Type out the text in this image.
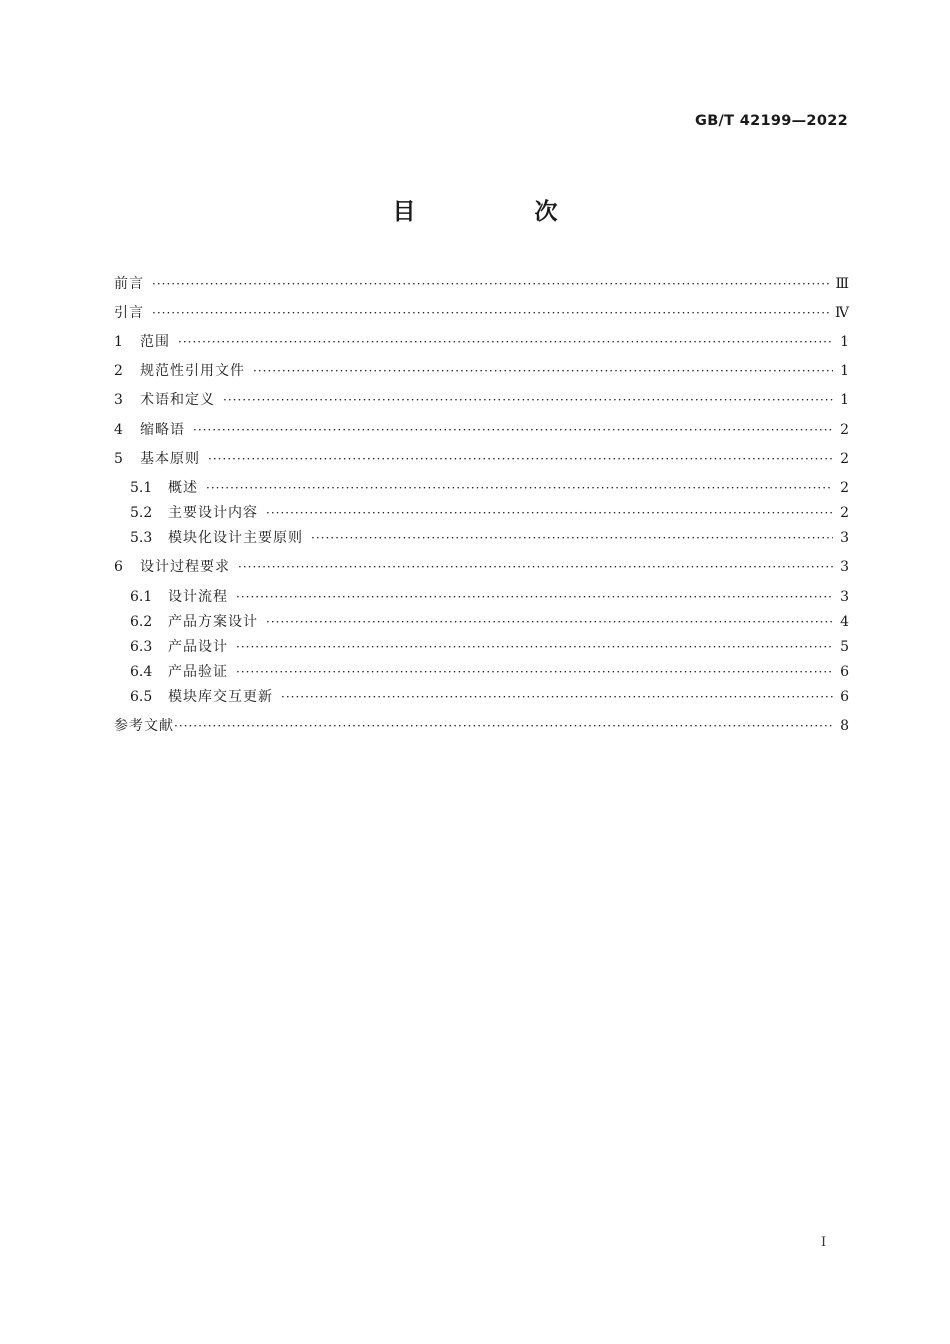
GB/T 42199—2022
目　次
前言 ·····	Ⅲ
引言 ·····	Ⅳ
1	范围 ·····	1
2	规范性引用文件 ·····	1
3	术语和定义 ·····	1
4	缩略语 ·····	2
5	基本原则 ·····	2
5.1	概述 ·····	2
5.2	主要设计内容 ·····	2
5.3	模块化设计主要原则 ·····	3
6	设计过程要求 ·····	3
6.1	设计流程 ·····	3
6.2	产品方案设计 ·····	4
6.3	产品设计 ·····	5
6.4	产品验证 ·····	6
6.5	模块库交互更新 ·····	6
参考文献 ·····	8
Ⅰ
